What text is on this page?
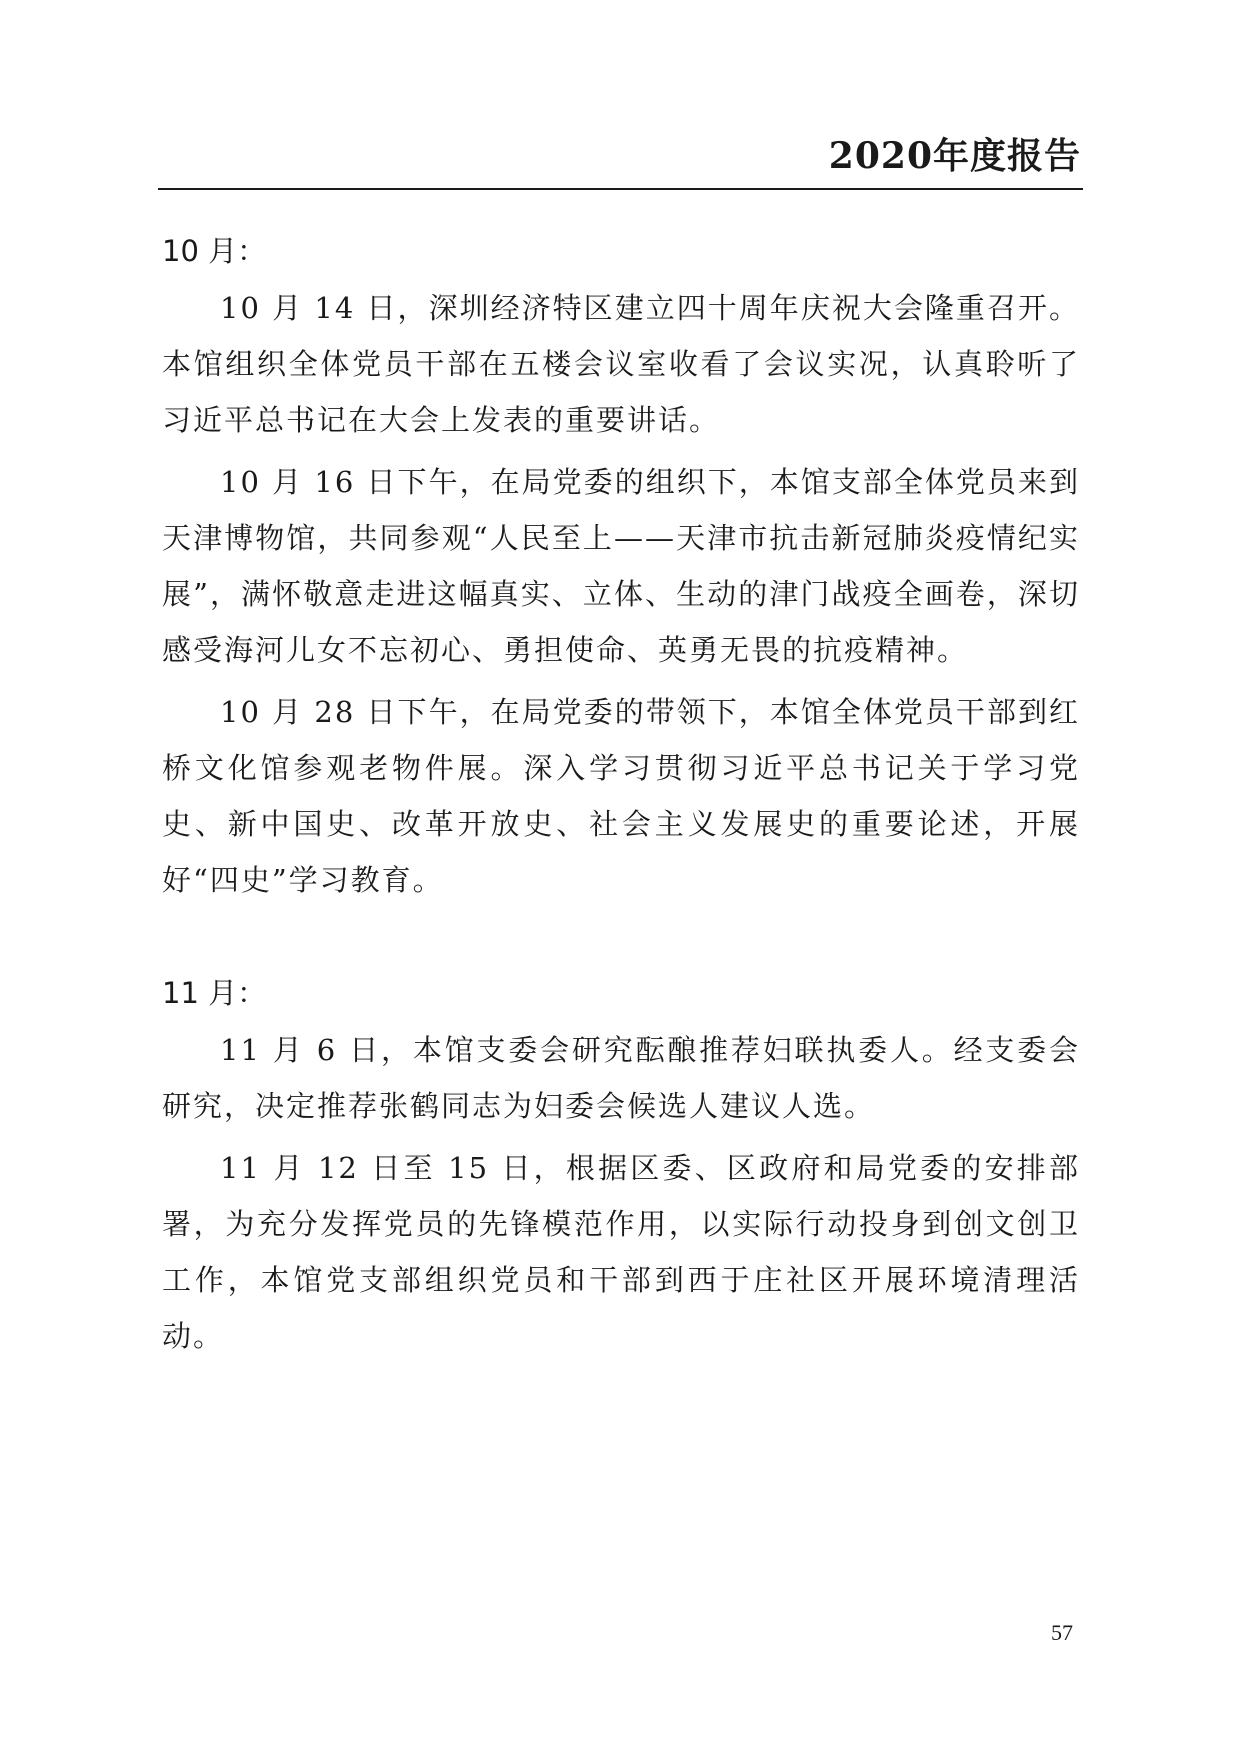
2020年度报告
10 月：

10 月 14 日，深圳经济特区建立四十周年庆祝大会隆重召开。本馆组织全体党员干部在五楼会议室收看了会议实况，认真聆听了习近平总书记在大会上发表的重要讲话。

10 月 16 日下午，在局党委的组织下，本馆支部全体党员来到天津博物馆，共同参观“人民至上——天津市抗击新冠肺炎疫情纪实展”，满怀敬意走进这幅真实、立体、生动的津门战疫全画卷，深切感受海河儿女不忘初心、勇担使命、英勇无畏的抗疫精神。

10 月 28 日下午，在局党委的带领下，本馆全体党员干部到红桥文化馆参观老物件展。深入学习贯彻习近平总书记关于学习党史、新中国史、改革开放史、社会主义发展史的重要论述，开展好“四史”学习教育。

11 月：

11 月 6 日，本馆支委会研究酝酿推荐妇联执委人。经支委会研究，决定推荐张鹤同志为妇委会候选人建议人选。

11 月 12 日至 15 日，根据区委、区政府和局党委的安排部署，为充分发挥党员的先锋模范作用，以实际行动投身到创文创卫工作，本馆党支部组织党员和干部到西于庄社区开展环境清理活动。

57
